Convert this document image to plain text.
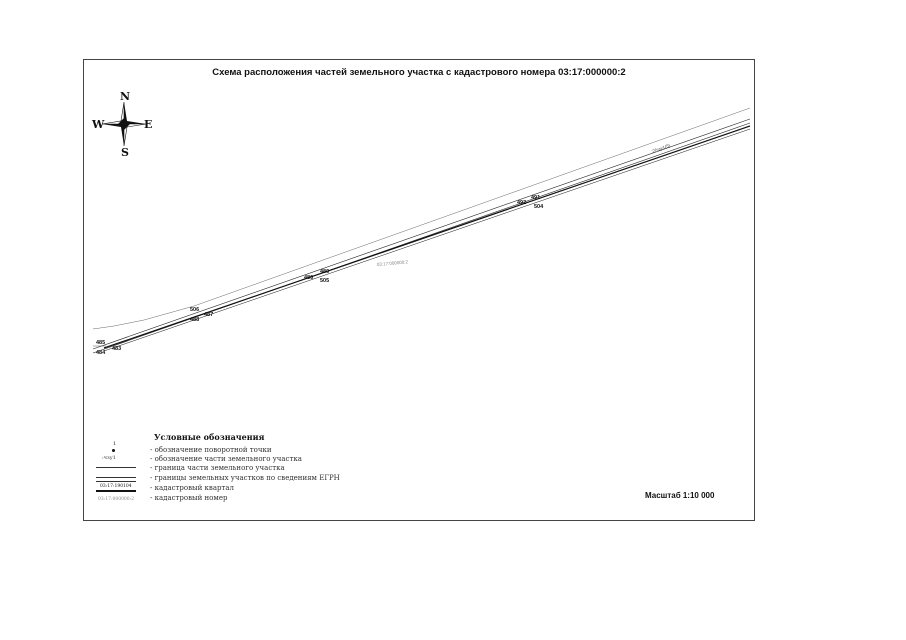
Схема расположения частей земельного участка с кадастрового номера 03:17:000000:2
N
S
W	E
485
484
483
506
487
488
486
489
505
492
491
504
03:17:000000:2
:2/чзу1(5)
Условные обозначения
1
:чзу1
03:17:190104
03:17:000000:2
- обозначение поворотной точки
- обозначение части земельного участка
- граница части земельного участка
- границы земельных участков по сведениям ЕГРН
- кадастровый квартал
- кадастровый номер	Масштаб 1:10 000
